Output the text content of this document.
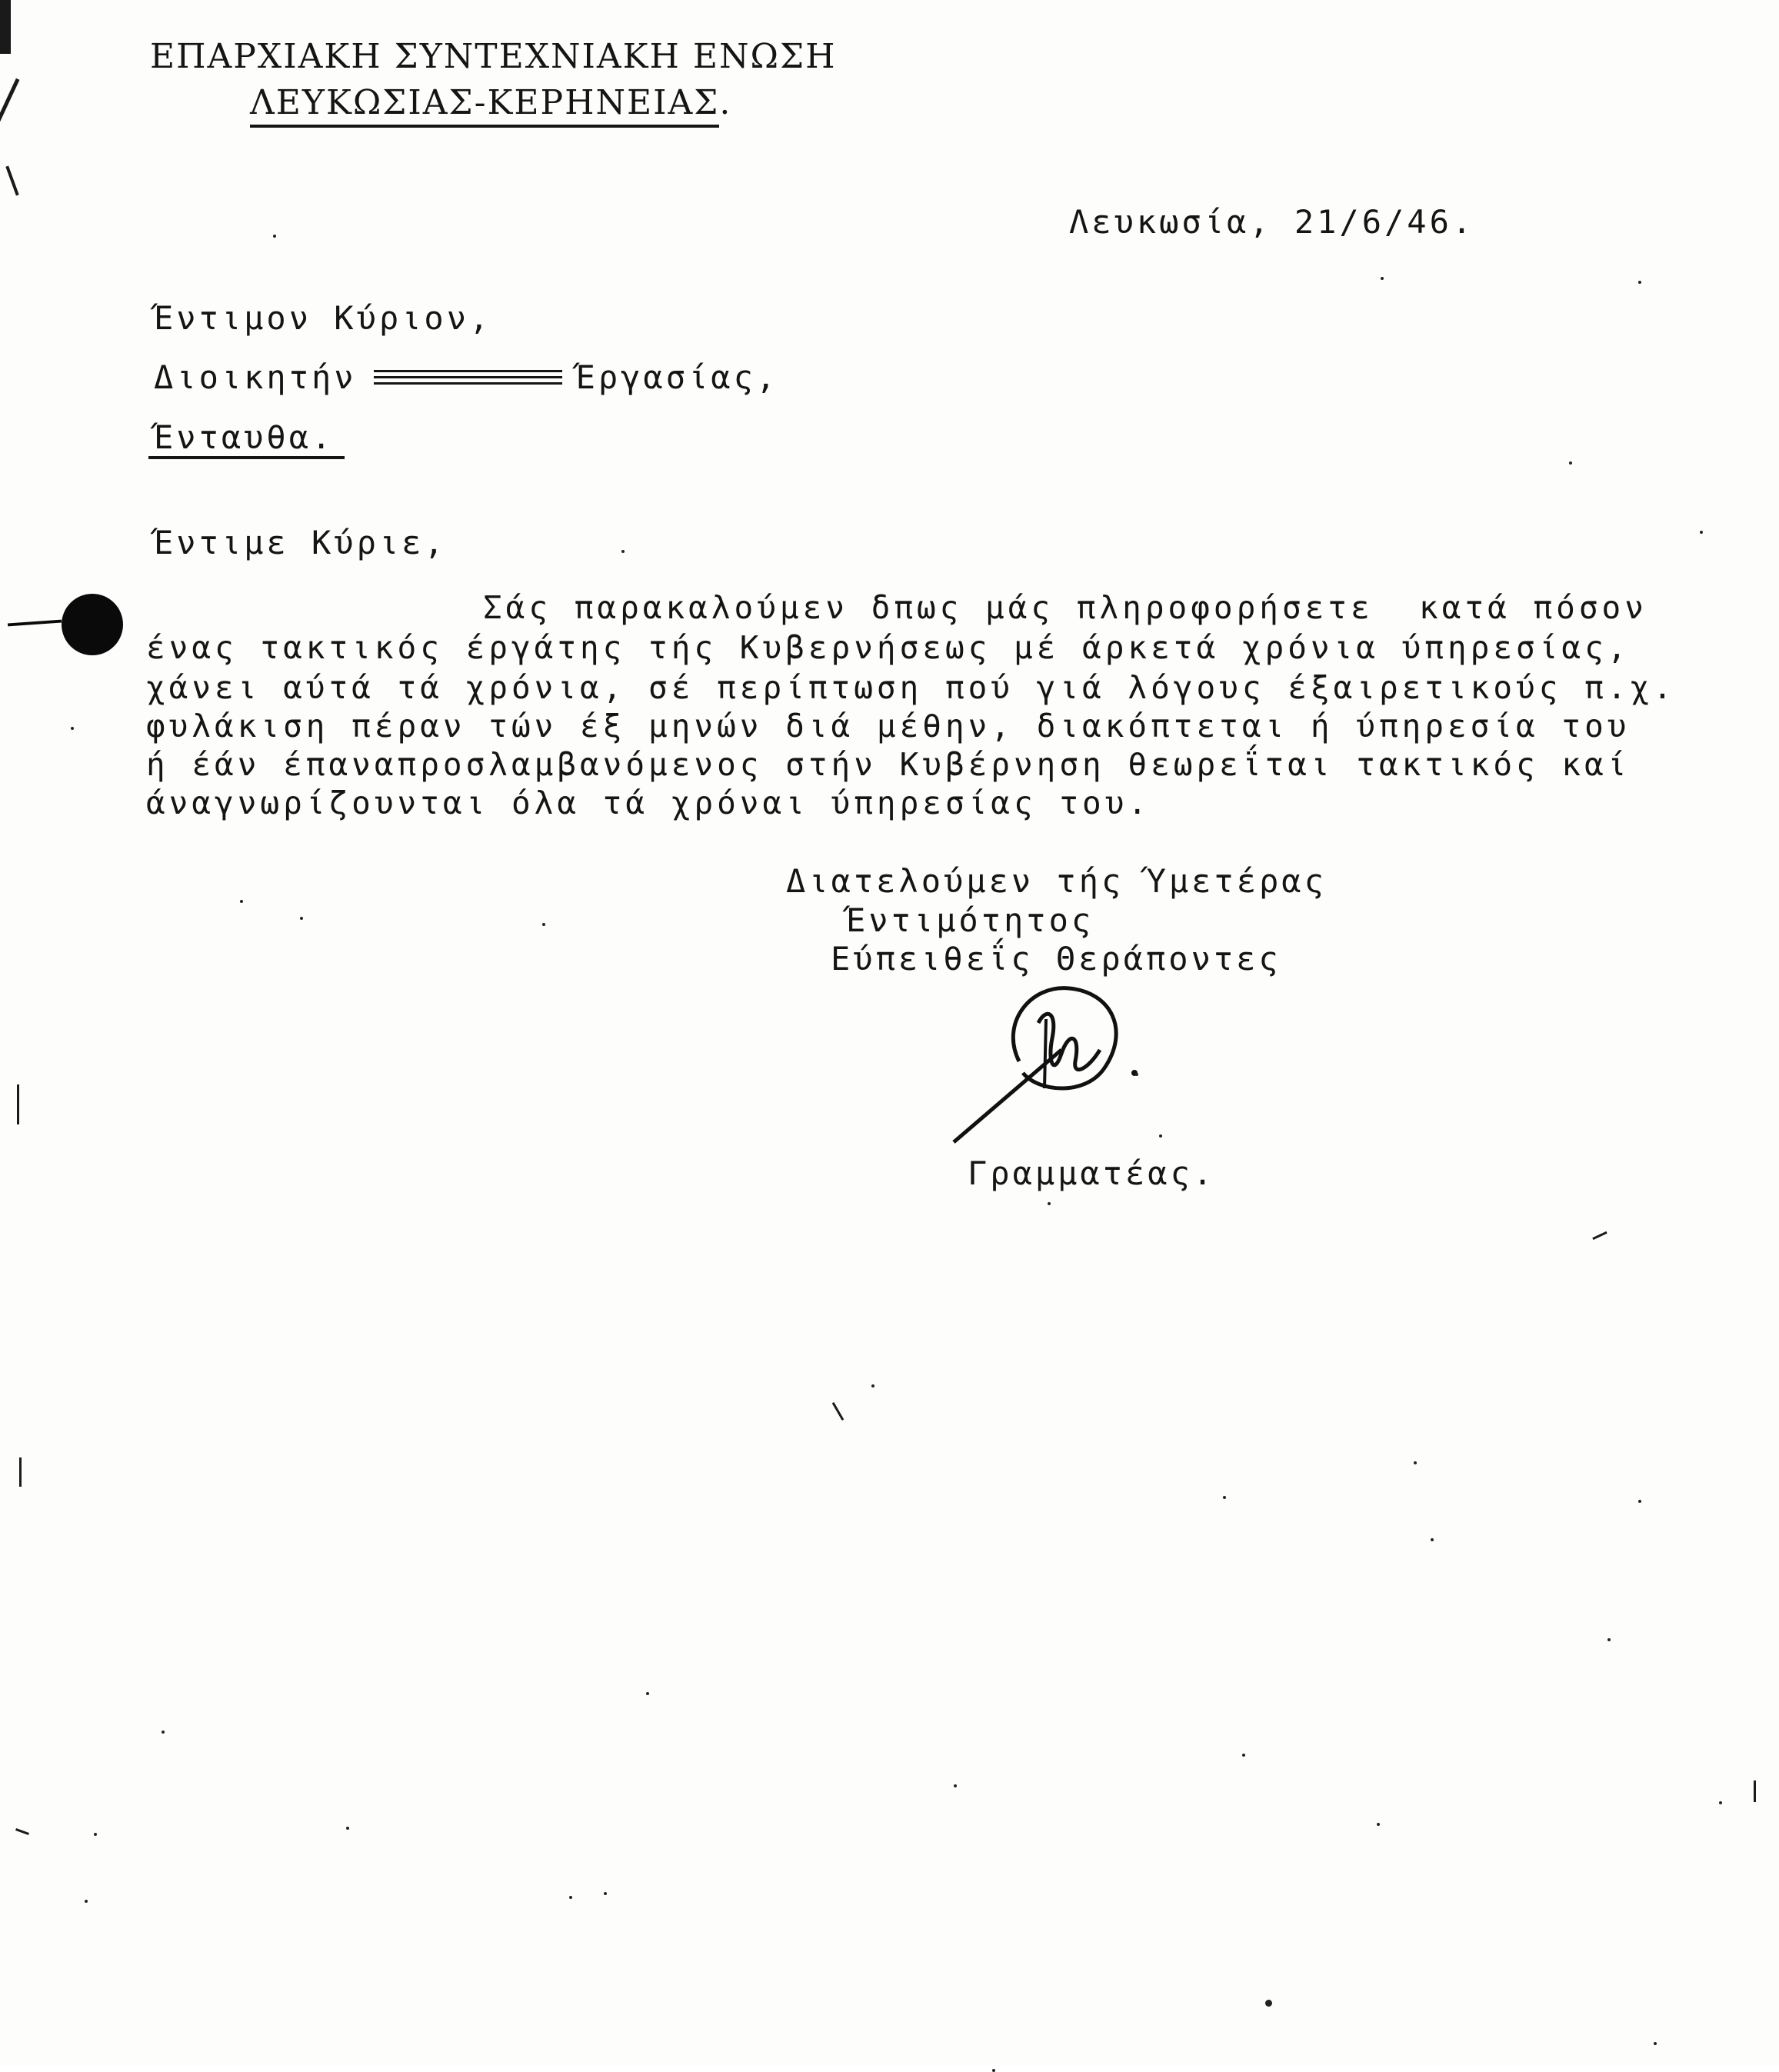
ΕΠΑΡΧΙΑΚΗ ΣΥΝΤΕΧΝΙΑΚΗ ΕΝΩΣΗ
ΛΕΥΚΩΣΙΑΣ-ΚΕΡΗΝΕΙΑΣ.
Λευκωσία, 21/6/46.
Έντιμον Κύριον,
Διοικητήν	Έργασίας,
Ένταυθα.
Έντιμε Κύριε,
Σάς παρακαλούμεν δπως μάς πληροφορήσετε  κατά πόσον
ένας τακτικός έργάτης τής Κυβερνήσεως μέ άρκετά χρόνια ύπηρεσίας,
χάνει αύτά τά χρόνια, σέ περίπτωση πού γιά λόγους έξαιρετικούς π.χ.
φυλάκιση πέραν τών έξ μηνών διά μέθην, διακόπτεται ή ύπηρεσία του
ή έάν έπαναπροσλαμβανόμενος στήν Κυβέρνηση θεωρεΐται τακτικός καί
άναγνωρίζουνται όλα τά χρόναι ύπηρεσίας του.
Διατελούμεν τής Ύμετέρας
Έντιμότητος
Εύπειθεΐς Θεράποντες
Γραμματέας.
